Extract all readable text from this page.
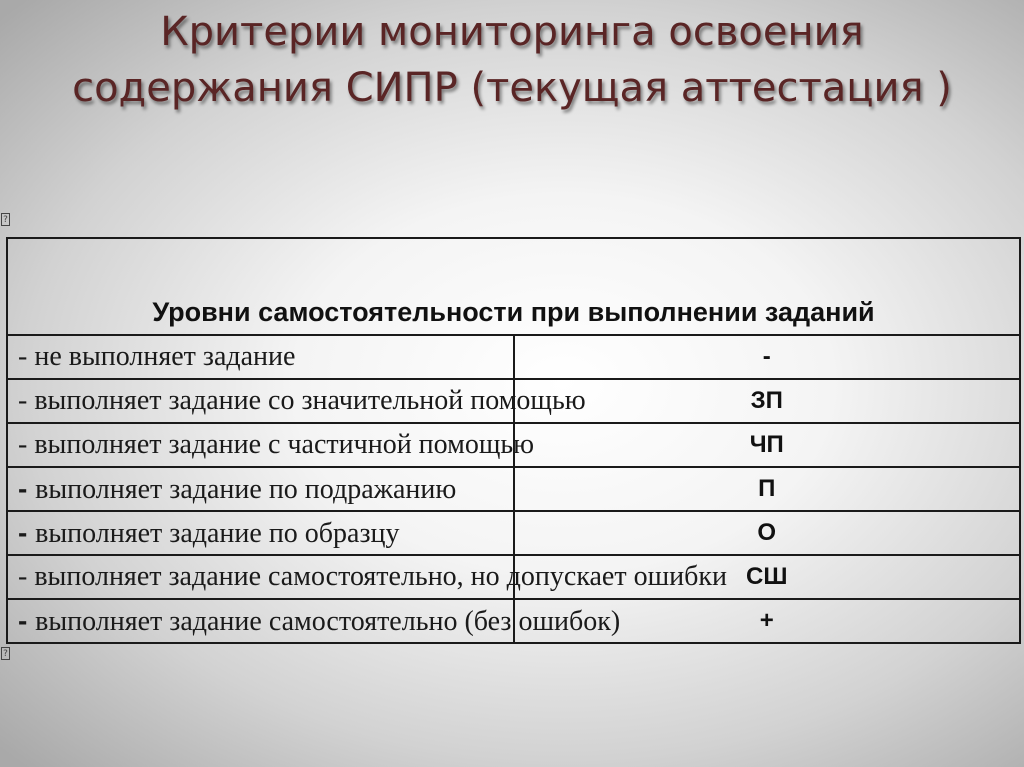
Критерии мониторинга освоения
содержания СИПР (текущая аттестация )
?
Уровни самостоятельности при выполнении заданий	
- не выполняет задание	-
- выполняет задание со значительной помощью	ЗП
- выполняет задание с частичной помощью	ЧП
- выполняет задание по подражанию	П
- выполняет задание по образцу	О
- выполняет задание самостоятельно, но допускает ошибки	СШ
- выполняет задание самостоятельно (без ошибок)	+
?
